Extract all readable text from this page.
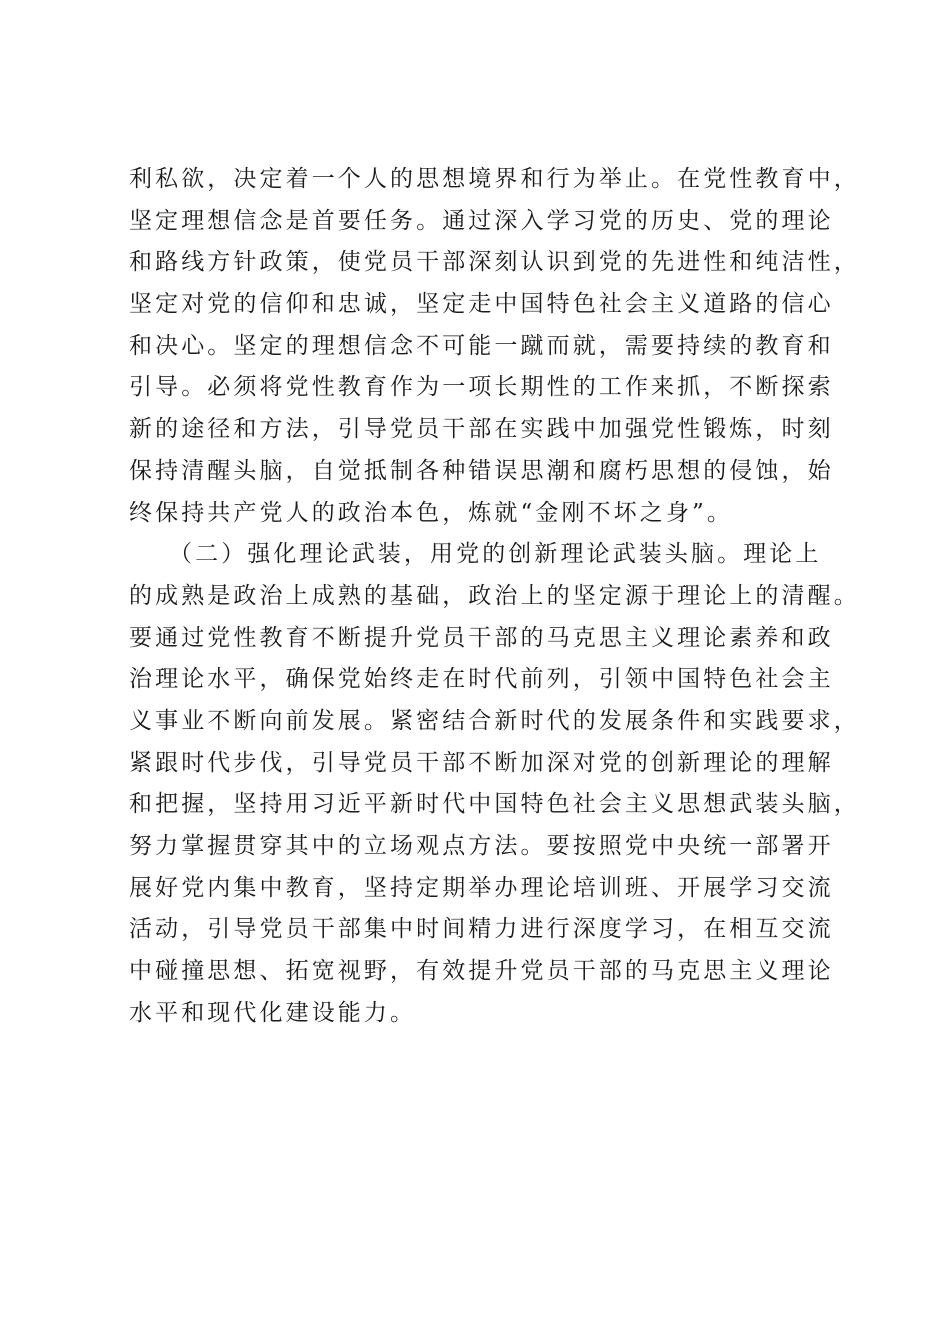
利私欲，决定着一个人的思想境界和行为举止。在党性教育中，
坚定理想信念是首要任务。通过深入学习党的历史、党的理论
和路线方针政策，使党员干部深刻认识到党的先进性和纯洁性，
坚定对党的信仰和忠诚，坚定走中国特色社会主义道路的信心
和决心。坚定的理想信念不可能一蹴而就，需要持续的教育和
引导。必须将党性教育作为一项长期性的工作来抓，不断探索
新的途径和方法，引导党员干部在实践中加强党性锻炼，时刻
保持清醒头脑，自觉抵制各种错误思潮和腐朽思想的侵蚀，始
终保持共产党人的政治本色，炼就“金刚不坏之身”。
（二）强化理论武装，用党的创新理论武装头脑。理论上
的成熟是政治上成熟的基础，政治上的坚定源于理论上的清醒。
要通过党性教育不断提升党员干部的马克思主义理论素养和政
治理论水平，确保党始终走在时代前列，引领中国特色社会主
义事业不断向前发展。紧密结合新时代的发展条件和实践要求，
紧跟时代步伐，引导党员干部不断加深对党的创新理论的理解
和把握，坚持用习近平新时代中国特色社会主义思想武装头脑，
努力掌握贯穿其中的立场观点方法。要按照党中央统一部署开
展好党内集中教育，坚持定期举办理论培训班、开展学习交流
活动，引导党员干部集中时间精力进行深度学习，在相互交流
中碰撞思想、拓宽视野，有效提升党员干部的马克思主义理论
水平和现代化建设能力。
